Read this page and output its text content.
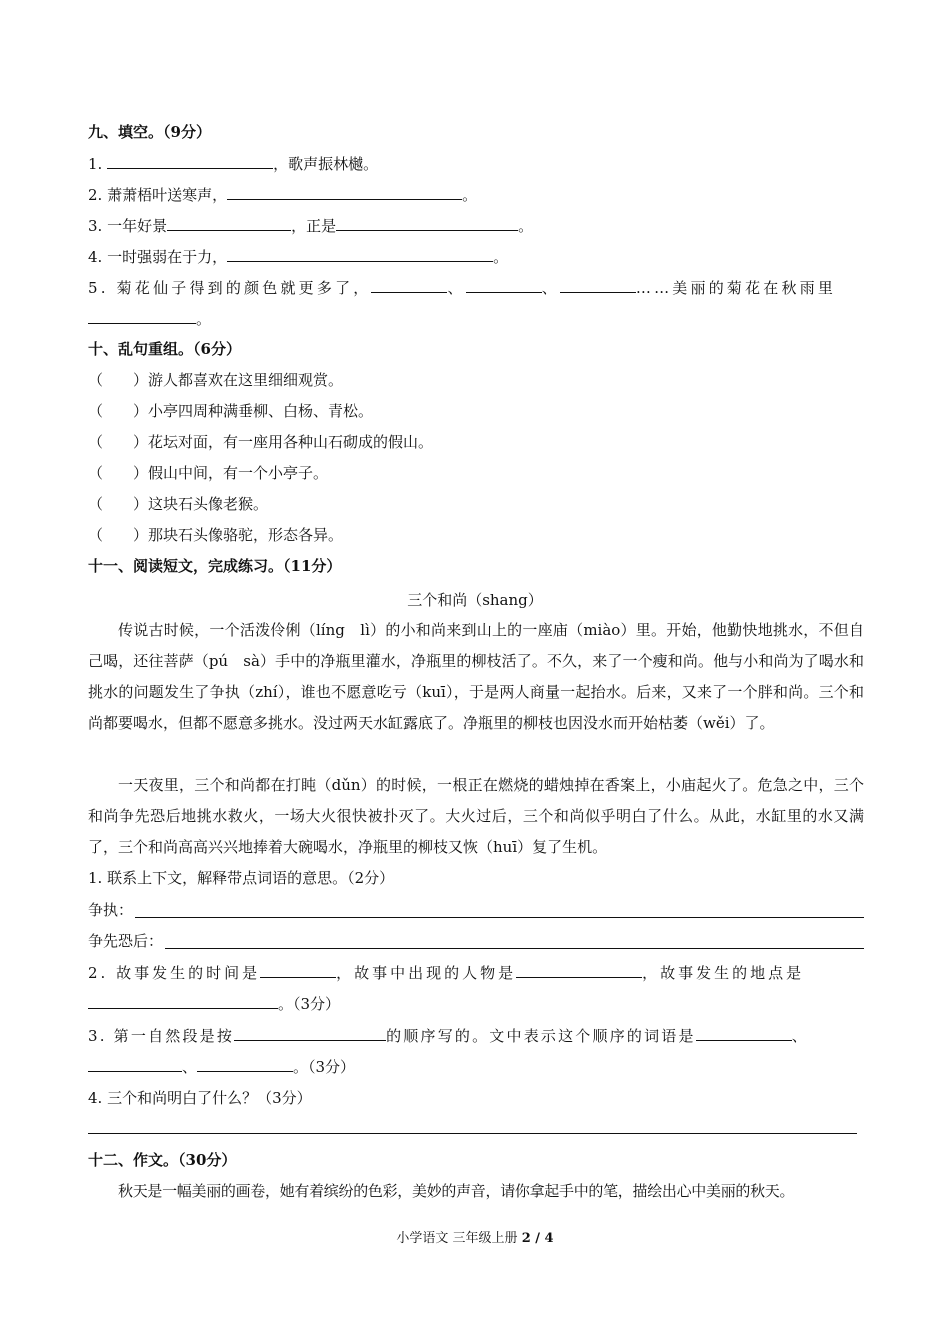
九、填空。（9分）
1.	，歌声振林樾。
2. 萧萧梧叶送寒声，	。
3. 一年好景	，正是	。
4. 一时强弱在于力，	。
5. 菊花仙子得到的颜色就更多了，	、	、	……美丽的菊花在秋雨里
。
十、乱句重组。（6分）
（　　）游人都喜欢在这里细细观赏。
（　　）小亭四周种满垂柳、白杨、青松。
（　　）花坛对面，有一座用各种山石砌成的假山。
（　　）假山中间，有一个小亭子。
（　　）这块石头像老猴。
（　　）那块石头像骆驼，形态各异。
十一、阅读短文，完成练习。（11分）
三个和尚（shang）
传说古时候，一个活泼伶俐（líng　lì）的小和尚来到山上的一座庙（miào）里。开始，他勤快地挑水，不但自己喝，还往菩萨（pú　sà）手中的净瓶里灌水，净瓶里的柳枝活了。不久，来了一个瘦和尚。他与小和尚为了喝水和挑水的问题发生了争执（zhí），谁也不愿意吃亏（kuī），于是两人商量一起抬水。后来，又来了一个胖和尚。三个和尚都要喝水，但都不愿意多挑水。没过两天水缸露底了。净瓶里的柳枝也因没水而开始枯萎（wěi）了。
一天夜里，三个和尚都在打盹（dǔn）的时候，一根正在燃烧的蜡烛掉在香案上，小庙起火了。危急之中，三个和尚争先恐后地挑水救火，一场大火很快被扑灭了。大火过后，三个和尚似乎明白了什么。从此，水缸里的水又满了，三个和尚高高兴兴地捧着大碗喝水，净瓶里的柳枝又恢（huī）复了生机。
1. 联系上下文，解释带点词语的意思。（2分）
争执：
争先恐后：
2. 故事发生的时间是	，故事中出现的人物是	，故事发生的地点是
。（3分）
3. 第一自然段是按	的顺序写的。文中表示这个顺序的词语是	、
、	。（3分）
4. 三个和尚明白了什么？（3分）
十二、作文。（30分）
秋天是一幅美丽的画卷，她有着缤纷的色彩，美妙的声音，请你拿起手中的笔，描绘出心中美丽的秋天。
小学语文 三年级上册 2 / 4
